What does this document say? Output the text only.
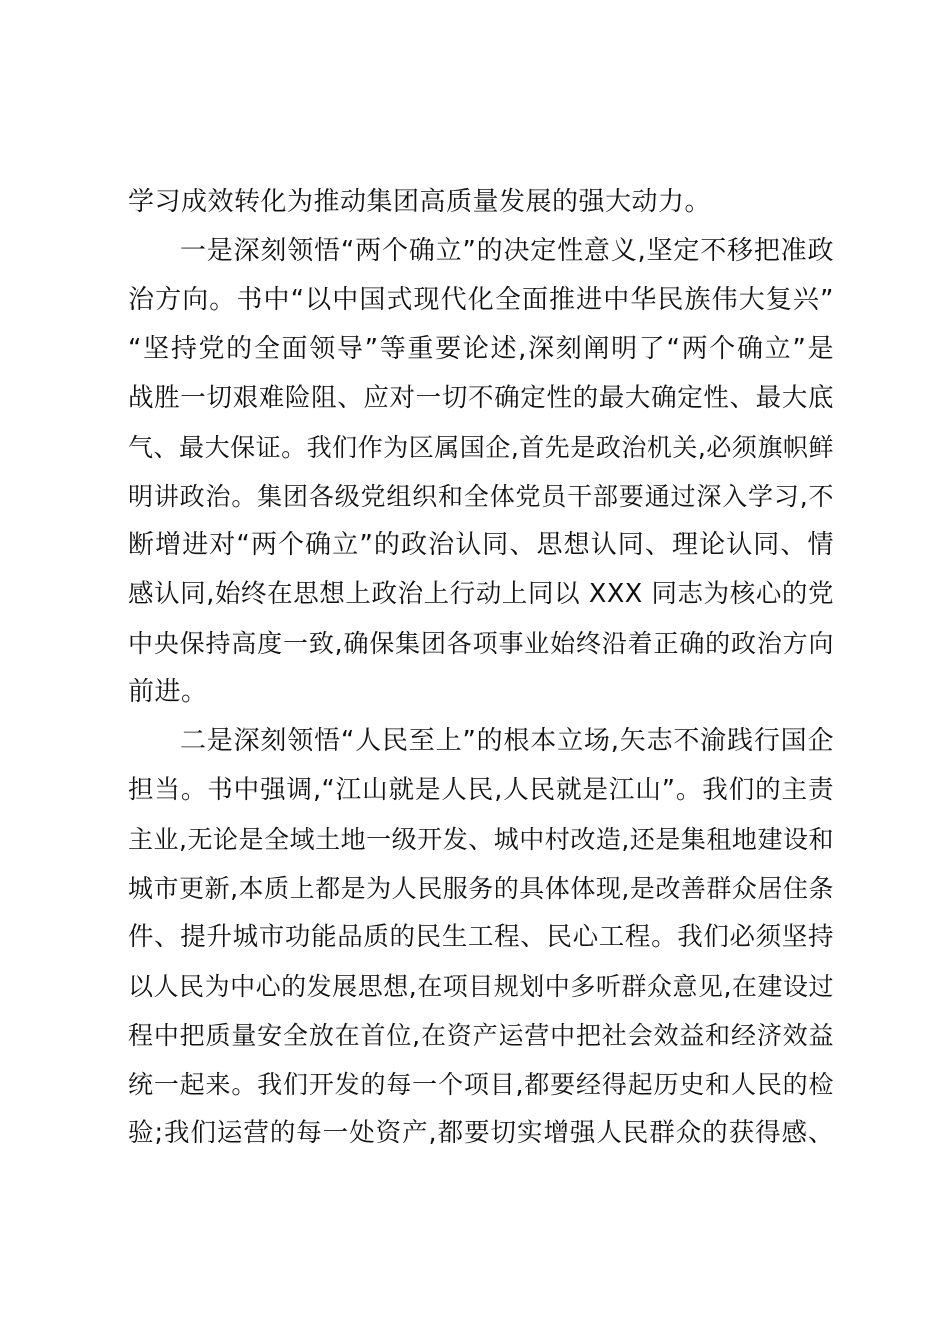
学习成效转化为推动集团高质量发展的强大动力。
一是深刻领悟“两个确立”的决定性意义,坚定不移把准政
治方向。书中“以中国式现代化全面推进中华民族伟大复兴”
“坚持党的全面领导”等重要论述,深刻阐明了“两个确立”是
战胜一切艰难险阻、应对一切不确定性的最大确定性、最大底
气、最大保证。我们作为区属国企,首先是政治机关,必须旗帜鲜
明讲政治。集团各级党组织和全体党员干部要通过深入学习,不
断增进对“两个确立”的政治认同、思想认同、理论认同、情
感认同,始终在思想上政治上行动上同以 XXX 同志为核心的党
中央保持高度一致,确保集团各项事业始终沿着正确的政治方向
前进。
二是深刻领悟“人民至上”的根本立场,矢志不渝践行国企
担当。书中强调,“江山就是人民,人民就是江山”。我们的主责
主业,无论是全域土地一级开发、城中村改造,还是集租地建设和
城市更新,本质上都是为人民服务的具体体现,是改善群众居住条
件、提升城市功能品质的民生工程、民心工程。我们必须坚持
以人民为中心的发展思想,在项目规划中多听群众意见,在建设过
程中把质量安全放在首位,在资产运营中把社会效益和经济效益
统一起来。我们开发的每一个项目,都要经得起历史和人民的检
验;我们运营的每一处资产,都要切实增强人民群众的获得感、
